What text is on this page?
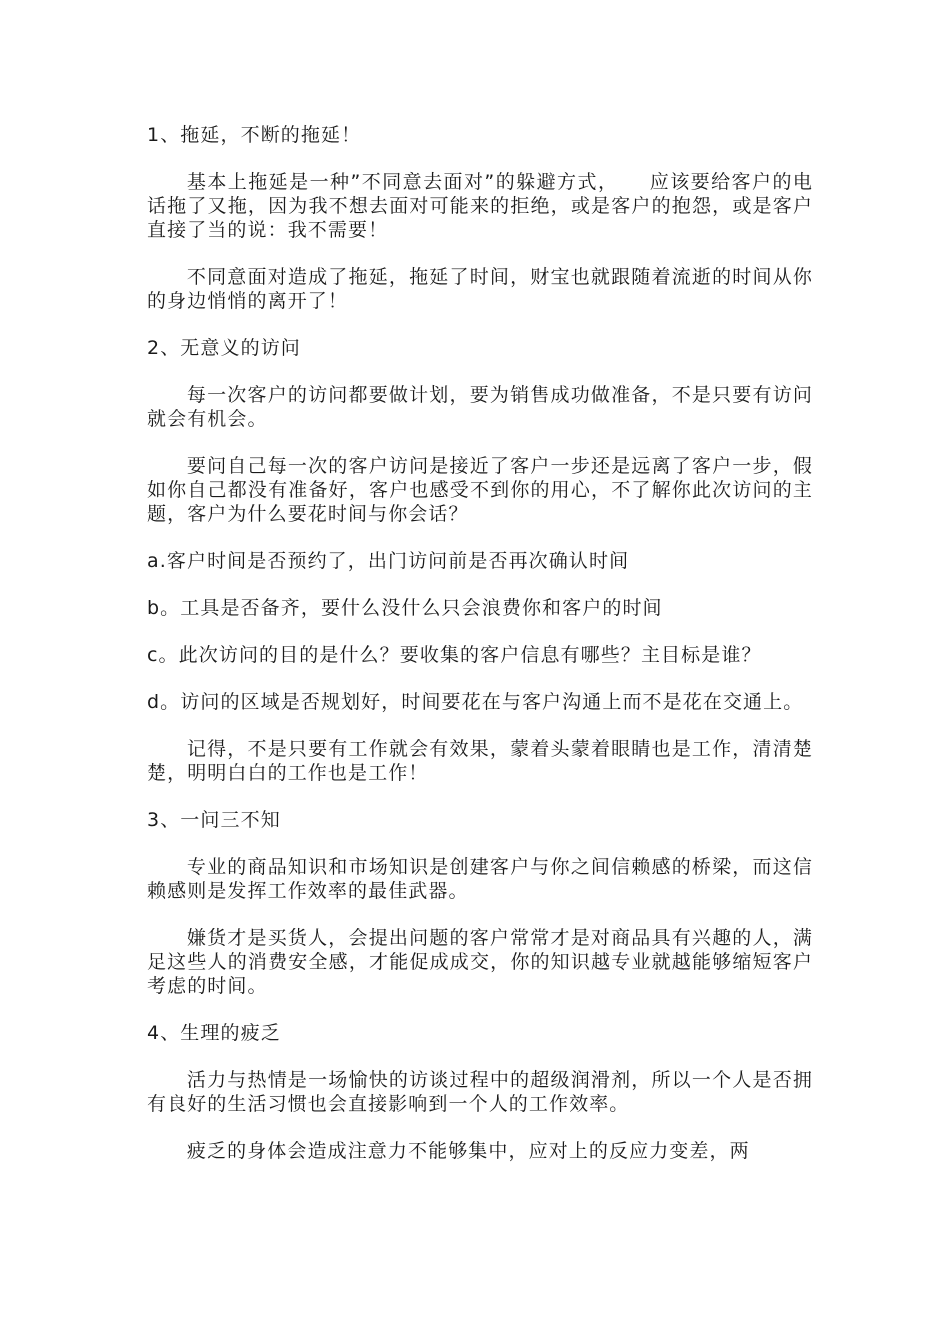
1、拖延，不断的拖延！

基本上拖延是一种”不同意去面对”的躲避方式，　　应该要给客户的电话拖了又拖，因为我不想去面对可能来的拒绝，或是客户的抱怨，或是客户直接了当的说：我不需要！

不同意面对造成了拖延，拖延了时间，财宝也就跟随着流逝的时间从你的身边悄悄的离开了！

2、无意义的访问

每一次客户的访问都要做计划，要为销售成功做准备，不是只要有访问就会有机会。

要问自己每一次的客户访问是接近了客户一步还是远离了客户一步，假如你自己都没有准备好，客户也感受不到你的用心，不了解你此次访问的主题，客户为什么要花时间与你会话？

a.客户时间是否预约了，出门访问前是否再次确认时间

b。工具是否备齐，要什么没什么只会浪费你和客户的时间

c。此次访问的目的是什么？要收集的客户信息有哪些？主目标是谁？

d。访问的区域是否规划好，时间要花在与客户沟通上而不是花在交通上。

记得，不是只要有工作就会有效果，蒙着头蒙着眼睛也是工作，清清楚楚，明明白白的工作也是工作！

3、一问三不知

专业的商品知识和市场知识是创建客户与你之间信赖感的桥梁，而这信赖感则是发挥工作效率的最佳武器。

嫌货才是买货人，会提出问题的客户常常才是对商品具有兴趣的人，满足这些人的消费安全感，才能促成成交，你的知识越专业就越能够缩短客户考虑的时间。

4、生理的疲乏

活力与热情是一场愉快的访谈过程中的超级润滑剂，所以一个人是否拥有良好的生活习惯也会直接影响到一个人的工作效率。

疲乏的身体会造成注意力不能够集中，应对上的反应力变差，两
